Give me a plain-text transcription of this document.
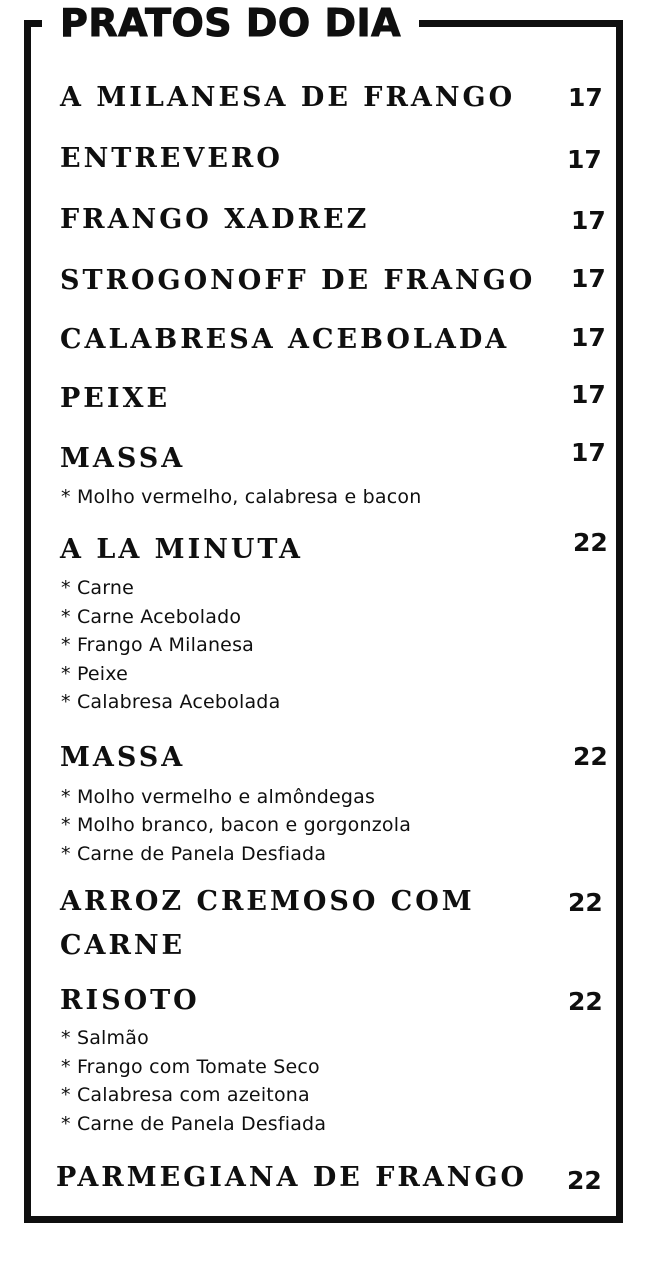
PRATOS DO DIA
A MILANESA DE FRANGO 17
ENTREVERO	17
FRANGO XADREZ	17
STROGONOFF DE FRANGO 17
CALABRESA ACEBOLADA 17
PEIXE	17
MASSA	17
* Molho vermelho, calabresa e bacon
A LA MINUTA	22
* Carne
* Carne Acebolado
* Frango A Milanesa
* Peixe
* Calabresa Acebolada
MASSA	22
* Molho vermelho e almôndegas
* Molho branco, bacon e gorgonzola
* Carne de Panela Desfiada
ARROZ CREMOSO COM
CARNE
22
RISOTO	22
* Salmão
* Frango com Tomate Seco
* Calabresa com azeitona
* Carne de Panela Desfiada
PARMEGIANA DE FRANGO 22
